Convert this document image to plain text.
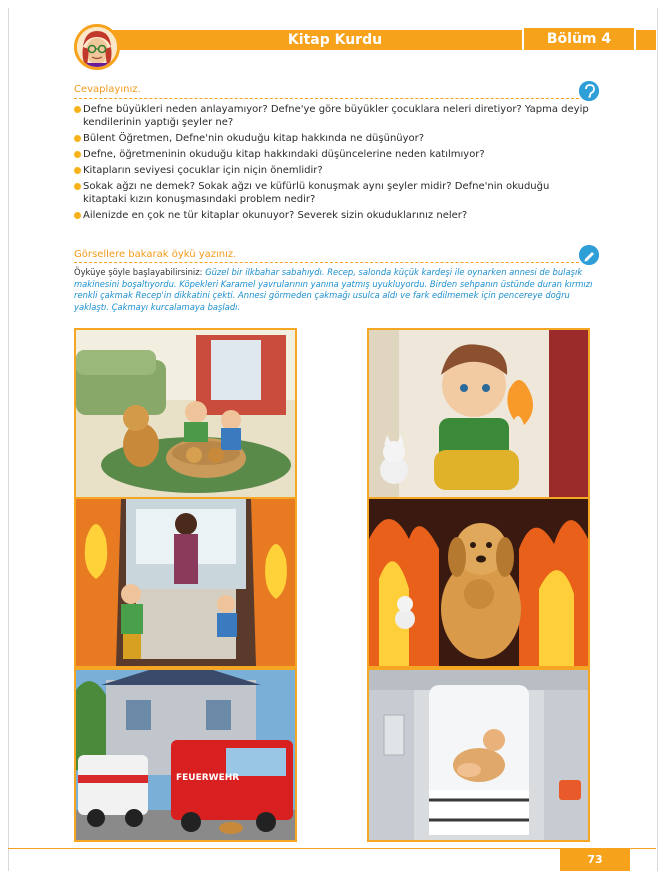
Kitap Kurdu	Bölüm 4
Cevaplayınız.
Defne büyükleri neden anlayamıyor? Defne'ye göre büyükler çocuklara neleri diretiyor? Yapma deyip kendilerinin yaptığı şeyler ne?
Bülent Öğretmen, Defne'nin okuduğu kitap hakkında ne düşünüyor?
Defne, öğretmeninin okuduğu kitap hakkındaki düşüncelerine neden katılmıyor?
Kitapların seviyesi çocuklar için niçin önemlidir?
Sokak ağzı ne demek? Sokak ağzı ve küfürlü konuşmak aynı şeyler midir? Defne'nin okuduğu kitaptaki kızın konuşmasındaki problem nedir?
Ailenizde en çok ne tür kitaplar okunuyor? Severek sizin okuduklarınız neler?
Görsellere bakarak öykü yazınız.
Öyküye şöyle başlayabilirsiniz: Güzel bir ilkbahar sabahıydı. Recep, salonda küçük kardeşi ile oynarken annesi de bulaşık makinesini boşaltıyordu. Köpekleri Karamel yavrularının yanına yatmış uyukluyordu. Birden sehpanın üstünde duran kırmızı renkli çakmak Recep'in dikkatini çekti. Annesi görmeden çakmağı usulca aldı ve fark edilmemek için pencereye doğru yaklaştı. Çakmayı kurcalamaya başladı.
FEUERWEHR
73
